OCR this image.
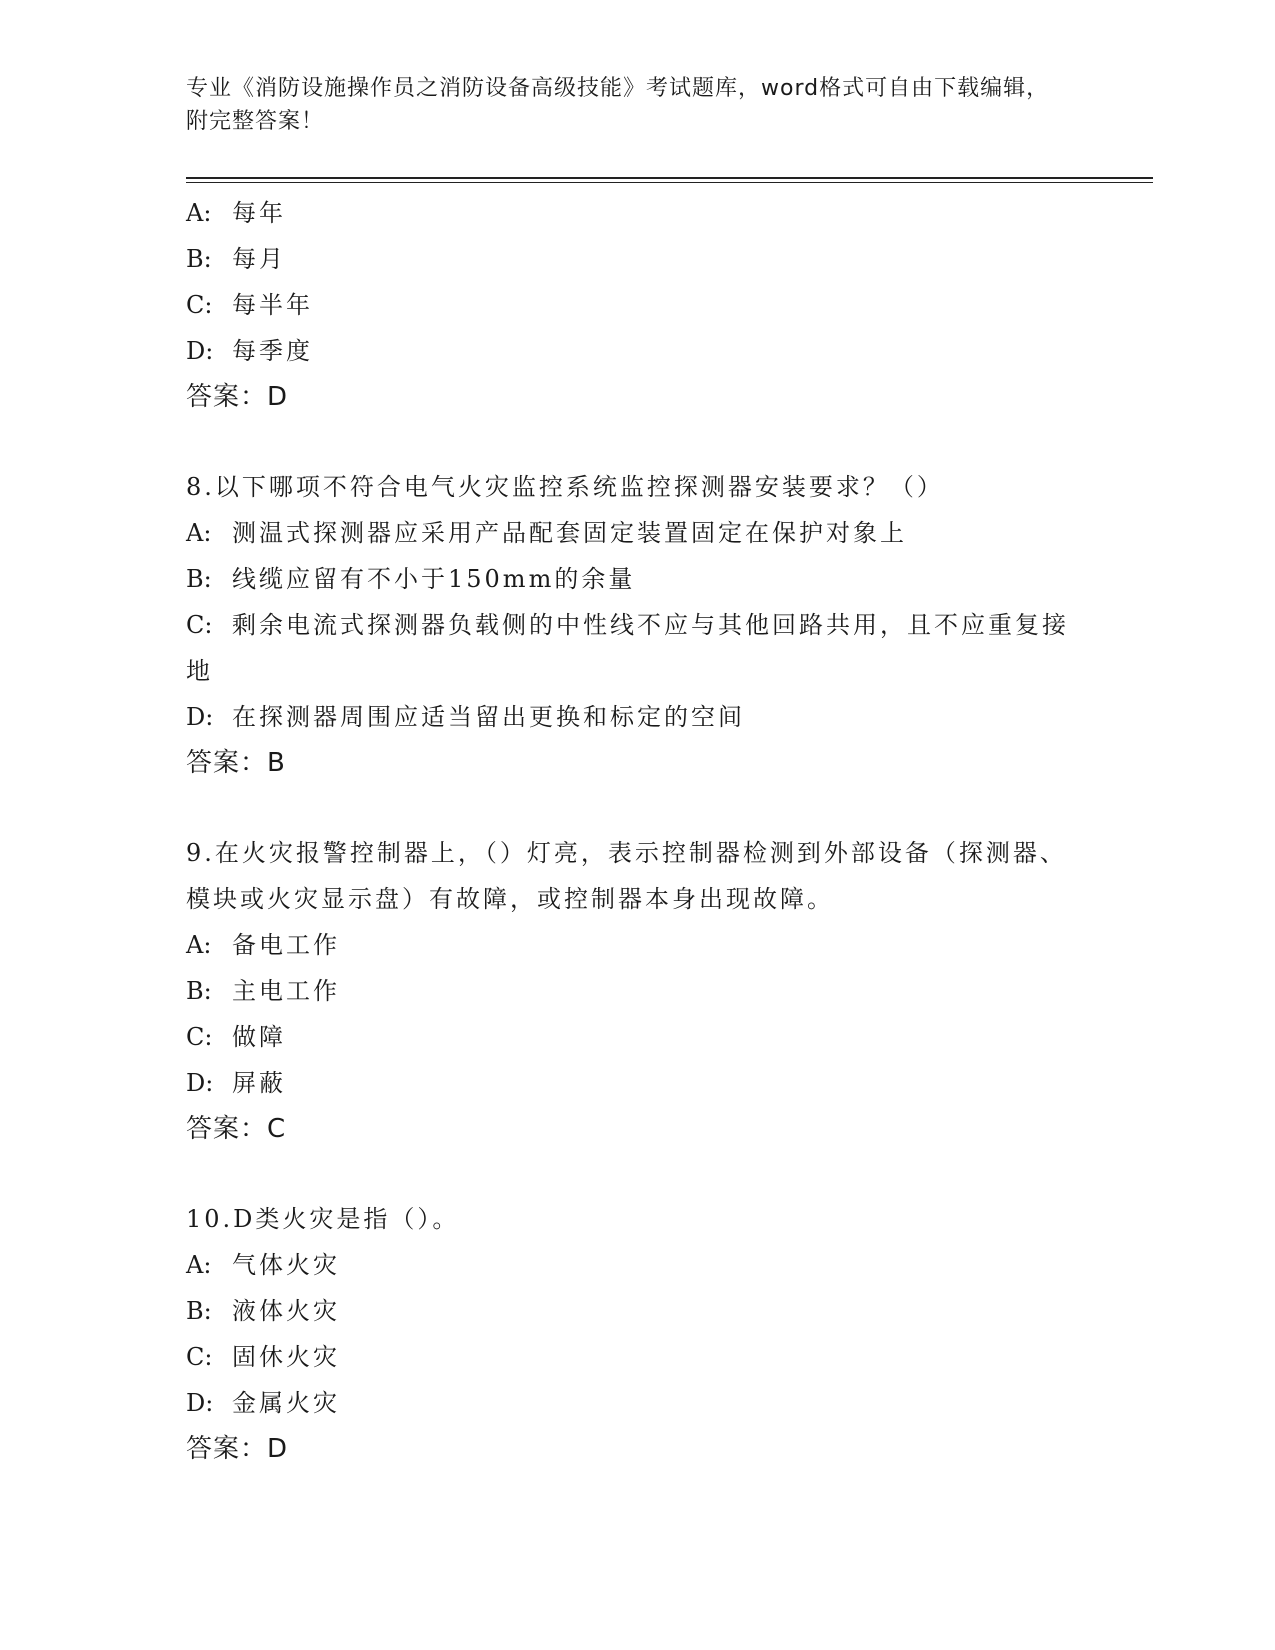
专业《消防设施操作员之消防设备高级技能》考试题库，word格式可自由下载编辑，附完整答案！
A: 每年
B: 每月
C: 每半年
D: 每季度
答案：D
8.以下哪项不符合电气火灾监控系统监控探测器安装要求？（）
A: 测温式探测器应采用产品配套固定装置固定在保护对象上
B: 线缆应留有不小于150mm的余量
C: 剩余电流式探测器负载侧的中性线不应与其他回路共用，且不应重复接地
D: 在探测器周围应适当留出更换和标定的空间
答案：B
9.在火灾报警控制器上，（）灯亮，表示控制器检测到外部设备（探测器、模块或火灾显示盘）有故障，或控制器本身出现故障。
A: 备电工作
B: 主电工作
C: 做障
D: 屏蔽
答案：C
10.D类火灾是指（）。
A: 气体火灾
B: 液体火灾
C: 固休火灾
D: 金属火灾
答案：D
